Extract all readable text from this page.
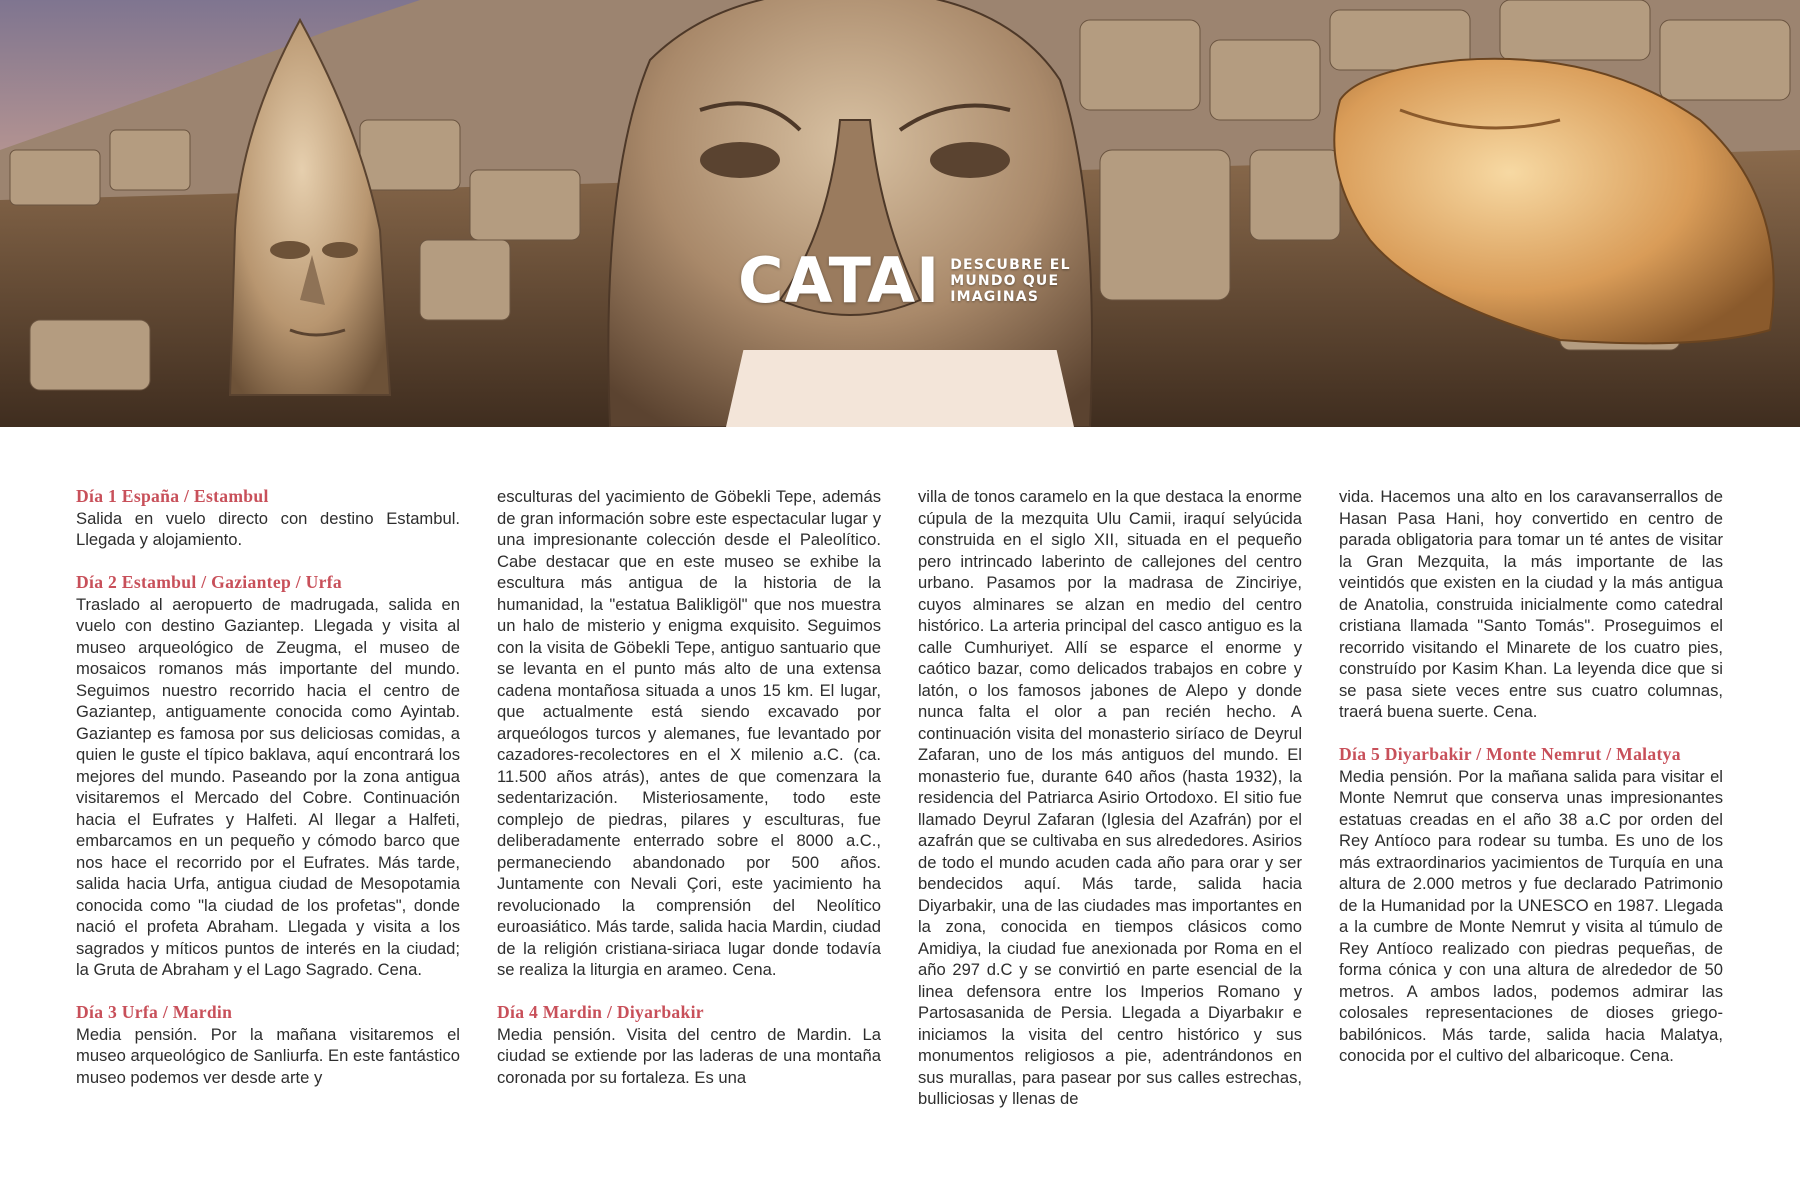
CATAI DESCUBRE EL
MUNDO QUE
IMAGINAS
Día 1 España / Estambul

Salida en vuelo directo con destino Estambul. Llegada y alojamiento.

Día 2 Estambul / Gaziantep / Urfa

Traslado al aeropuerto de madrugada, salida en vuelo con destino Gaziantep. Llegada y visita al museo arqueológico de Zeugma, el museo de mosaicos romanos más importante del mundo. Seguimos nuestro recorrido hacia el centro de Gaziantep, antiguamente conocida como Ayintab. Gaziantep es famosa por sus deliciosas comidas, a quien le guste el típico baklava, aquí encontrará los mejores del mundo. Paseando por la zona antigua visitaremos el Mercado del Cobre. Continuación hacia el Eufrates y Halfeti. Al llegar a Halfeti, embarcamos en un pequeño y cómodo barco que nos hace el recorrido por el Eufrates. Más tarde, salida hacia Urfa, antigua ciudad de Mesopotamia conocida como "la ciudad de los profetas", donde nació el profeta Abraham. Llegada y visita a los sagrados y míticos puntos de interés en la ciudad; la Gruta de Abraham y el Lago Sagrado. Cena.

Día 3 Urfa / Mardin

Media pensión. Por la mañana visitaremos el museo arqueológico de Sanliurfa. En este fantástico museo podemos ver desde arte y

esculturas del yacimiento de Göbekli Tepe, además de gran información sobre este espectacular lugar y una impresionante colección desde el Paleolítico. Cabe destacar que en este museo se exhibe la escultura más antigua de la historia de la humanidad, la "estatua Balikligöl" que nos muestra un halo de misterio y enigma exquisito. Seguimos con la visita de Göbekli Tepe, antiguo santuario que se levanta en el punto más alto de una extensa cadena montañosa situada a unos 15 km. El lugar, que actualmente está siendo excavado por arqueólogos turcos y alemanes, fue levantado por cazadores-recolectores en el X milenio a.C. (ca. 11.500 años atrás), antes de que comenzara la sedentarización. Misteriosamente, todo este complejo de piedras, pilares y esculturas, fue deliberadamente enterrado sobre el 8000 a.C., permaneciendo abandonado por 500 años. Juntamente con Nevali Çori, este yacimiento ha revolucionado la comprensión del Neolítico euroasiático. Más tarde, salida hacia Mardin, ciudad de la religión cristiana-siriaca lugar donde todavía se realiza la liturgia en arameo. Cena.

Día 4 Mardin / Diyarbakir

Media pensión. Visita del centro de Mardin. La ciudad se extiende por las laderas de una montaña coronada por su fortaleza. Es una

villa de tonos caramelo en la que destaca la enorme cúpula de la mezquita Ulu Camii, iraquí selyúcida construida en el siglo XII, situada en el pequeño pero intrincado laberinto de callejones del centro urbano. Pasamos por la madrasa de Zinciriye, cuyos alminares se alzan en medio del centro histórico. La arteria principal del casco antiguo es la calle Cumhuriyet. Allí se esparce el enorme y caótico bazar, como delicados trabajos en cobre y latón, o los famosos jabones de Alepo y donde nunca falta el olor a pan recién hecho. A continuación visita del monasterio siríaco de Deyrul Zafaran, uno de los más antiguos del mundo. El monasterio fue, durante 640 años (hasta 1932), la residencia del Patriarca Asirio Ortodoxo. El sitio fue llamado Deyrul Zafaran (Iglesia del Azafrán) por el azafrán que se cultivaba en sus alrededores. Asirios de todo el mundo acuden cada año para orar y ser bendecidos aquí. Más tarde, salida hacia Diyarbakir, una de las ciudades mas importantes en la zona, conocida en tiempos clásicos como Amidiya, la ciudad fue anexionada por Roma en el año 297 d.C y se convirtió en parte esencial de la linea defensora entre los Imperios Romano y Partosasanida de Persia. Llegada a Diyarbakır e iniciamos la visita del centro histórico y sus monumentos religiosos a pie, adentrándonos en sus murallas, para pasear por sus calles estrechas, bulliciosas y llenas de

vida. Hacemos una alto en los caravanserrallos de Hasan Pasa Hani, hoy convertido en centro de parada obligatoria para tomar un té antes de visitar la Gran Mezquita, la más importante de las veintidós que existen en la ciudad y la más antigua de Anatolia, construida inicialmente como catedral cristiana llamada "Santo Tomás". Proseguimos el recorrido visitando el Minarete de los cuatro pies, construído por Kasim Khan. La leyenda dice que si se pasa siete veces entre sus cuatro columnas, traerá buena suerte. Cena.

Día 5 Diyarbakir / Monte Nemrut / Malatya

Media pensión. Por la mañana salida para visitar el Monte Nemrut que conserva unas impresionantes estatuas creadas en el año 38 a.C por orden del Rey Antíoco para rodear su tumba. Es uno de los más extraordinarios yacimientos de Turquía en una altura de 2.000 metros y fue declarado Patrimonio de la Humanidad por la UNESCO en 1987. Llegada a la cumbre de Monte Nemrut y visita al túmulo de Rey Antíoco realizado con piedras pequeñas, de forma cónica y con una altura de alrededor de 50 metros. A ambos lados, podemos admirar las colosales representaciones de dioses griego-babilónicos. Más tarde, salida hacia Malatya, conocida por el cultivo del albaricoque. Cena.
